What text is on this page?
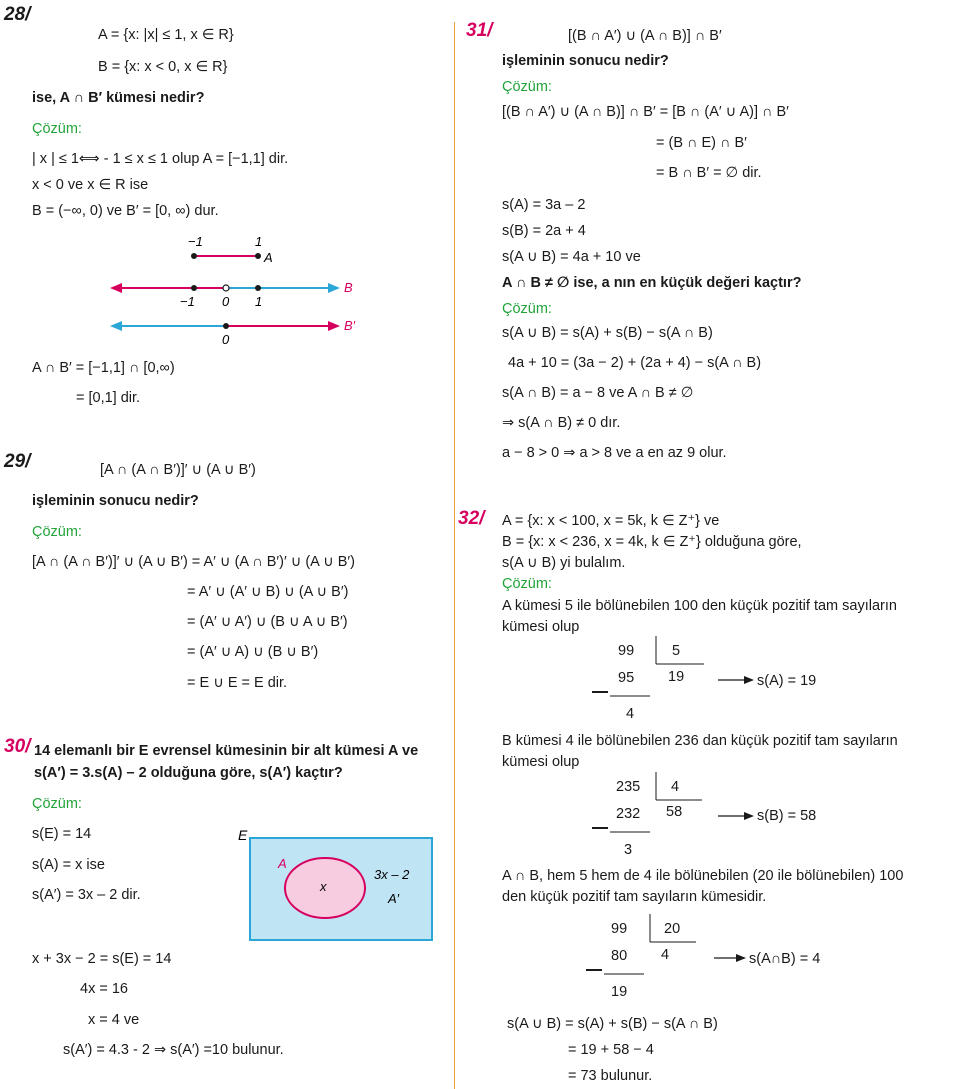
28/
A = {x: |x| ≤ 1, x ∈ R}
B = {x: x < 0, x ∈ R}
ise, A ∩ B′ kümesi nedir?
Çözüm:
| x | ≤ 1⟺ - 1 ≤ x ≤ 1 olup A = [−1,1] dir.
x < 0 ve x ∈ R ise
B = (−∞, 0) ve B′ = [0, ∞) dur.
−1	1
A
−1 0 1
B
0
B′
A ∩ B′ = [−1,1] ∩ [0,∞)
= [0,1] dir.
29/	[A ∩ (A ∩ B′)]′ ∪ (A ∪ B′)
işleminin sonucu nedir?
Çözüm:
[A ∩ (A ∩ B′)]′ ∪ (A ∪ B′) = A′ ∪ (A ∩ B′)′ ∪ (A ∪ B′)
= A′ ∪ (A′ ∪ B) ∪ (A ∪ B′)
= (A′ ∪ A′) ∪ (B ∪ A ∪ B′)
= (A′ ∪ A) ∪ (B ∪ B′)
= E ∪ E = E dir.
30/ 14 elemanlı bir E evrensel kümesinin bir alt kümesi A ve
s(A′) = 3.s(A) – 2 olduğuna göre, s(A′) kaçtır?
Çözüm:
s(E) = 14
s(A) = x ise
s(A′) = 3x – 2 dir.
E
A
x
3x – 2
A′
x + 3x − 2 = s(E) = 14
4x = 16
x = 4 ve
s(A′) = 4.3 - 2 ⇒ s(A′) =10 bulunur.
31/	[(B ∩ A′) ∪ (A ∩ B)] ∩ B′
işleminin sonucu nedir?
Çözüm:
[(B ∩ A′) ∪ (A ∩ B)] ∩ B′ = [B ∩ (A′ ∪ A)] ∩ B′
= (B ∩ E) ∩ B′
= B ∩ B′ = ∅ dir.
s(A) = 3a – 2
s(B) = 2a + 4
s(A ∪ B) = 4a + 10 ve
A ∩ B ≠ ∅ ise, a nın en küçük değeri kaçtır?
Çözüm:
s(A ∪ B) = s(A) + s(B) − s(A ∩ B)
4a + 10 = (3a − 2) + (2a + 4) − s(A ∩ B)
s(A ∩ B) = a − 8 ve A ∩ B ≠ ∅
⇒ s(A ∩ B) ≠ 0 dır.
a − 8 > 0 ⇒ a > 8 ve a en az 9 olur.
32/ A = {x: x < 100, x = 5k, k ∈ Z⁺} ve
B = {x: x < 236, x = 4k, k ∈ Z⁺} olduğuna göre,
s(A ∪ B) yi bulalım.
Çözüm:
A kümesi 5 ile bölünebilen 100 den küçük pozitif tam sayıların
kümesi olup
99	5
95 19
4
s(A) = 19
B kümesi 4 ile bölünebilen 236 dan küçük pozitif tam sayıların
kümesi olup
235 4
232 58
3
s(B) = 58
A ∩ B, hem 5 hem de 4 ile bölünebilen (20 ile bölünebilen) 100
den küçük pozitif tam sayıların kümesidir.
99	20
80 4
19
s(A∩B) = 4
s(A ∪ B) = s(A) + s(B) − s(A ∩ B)
= 19 + 58 − 4
= 73 bulunur.
